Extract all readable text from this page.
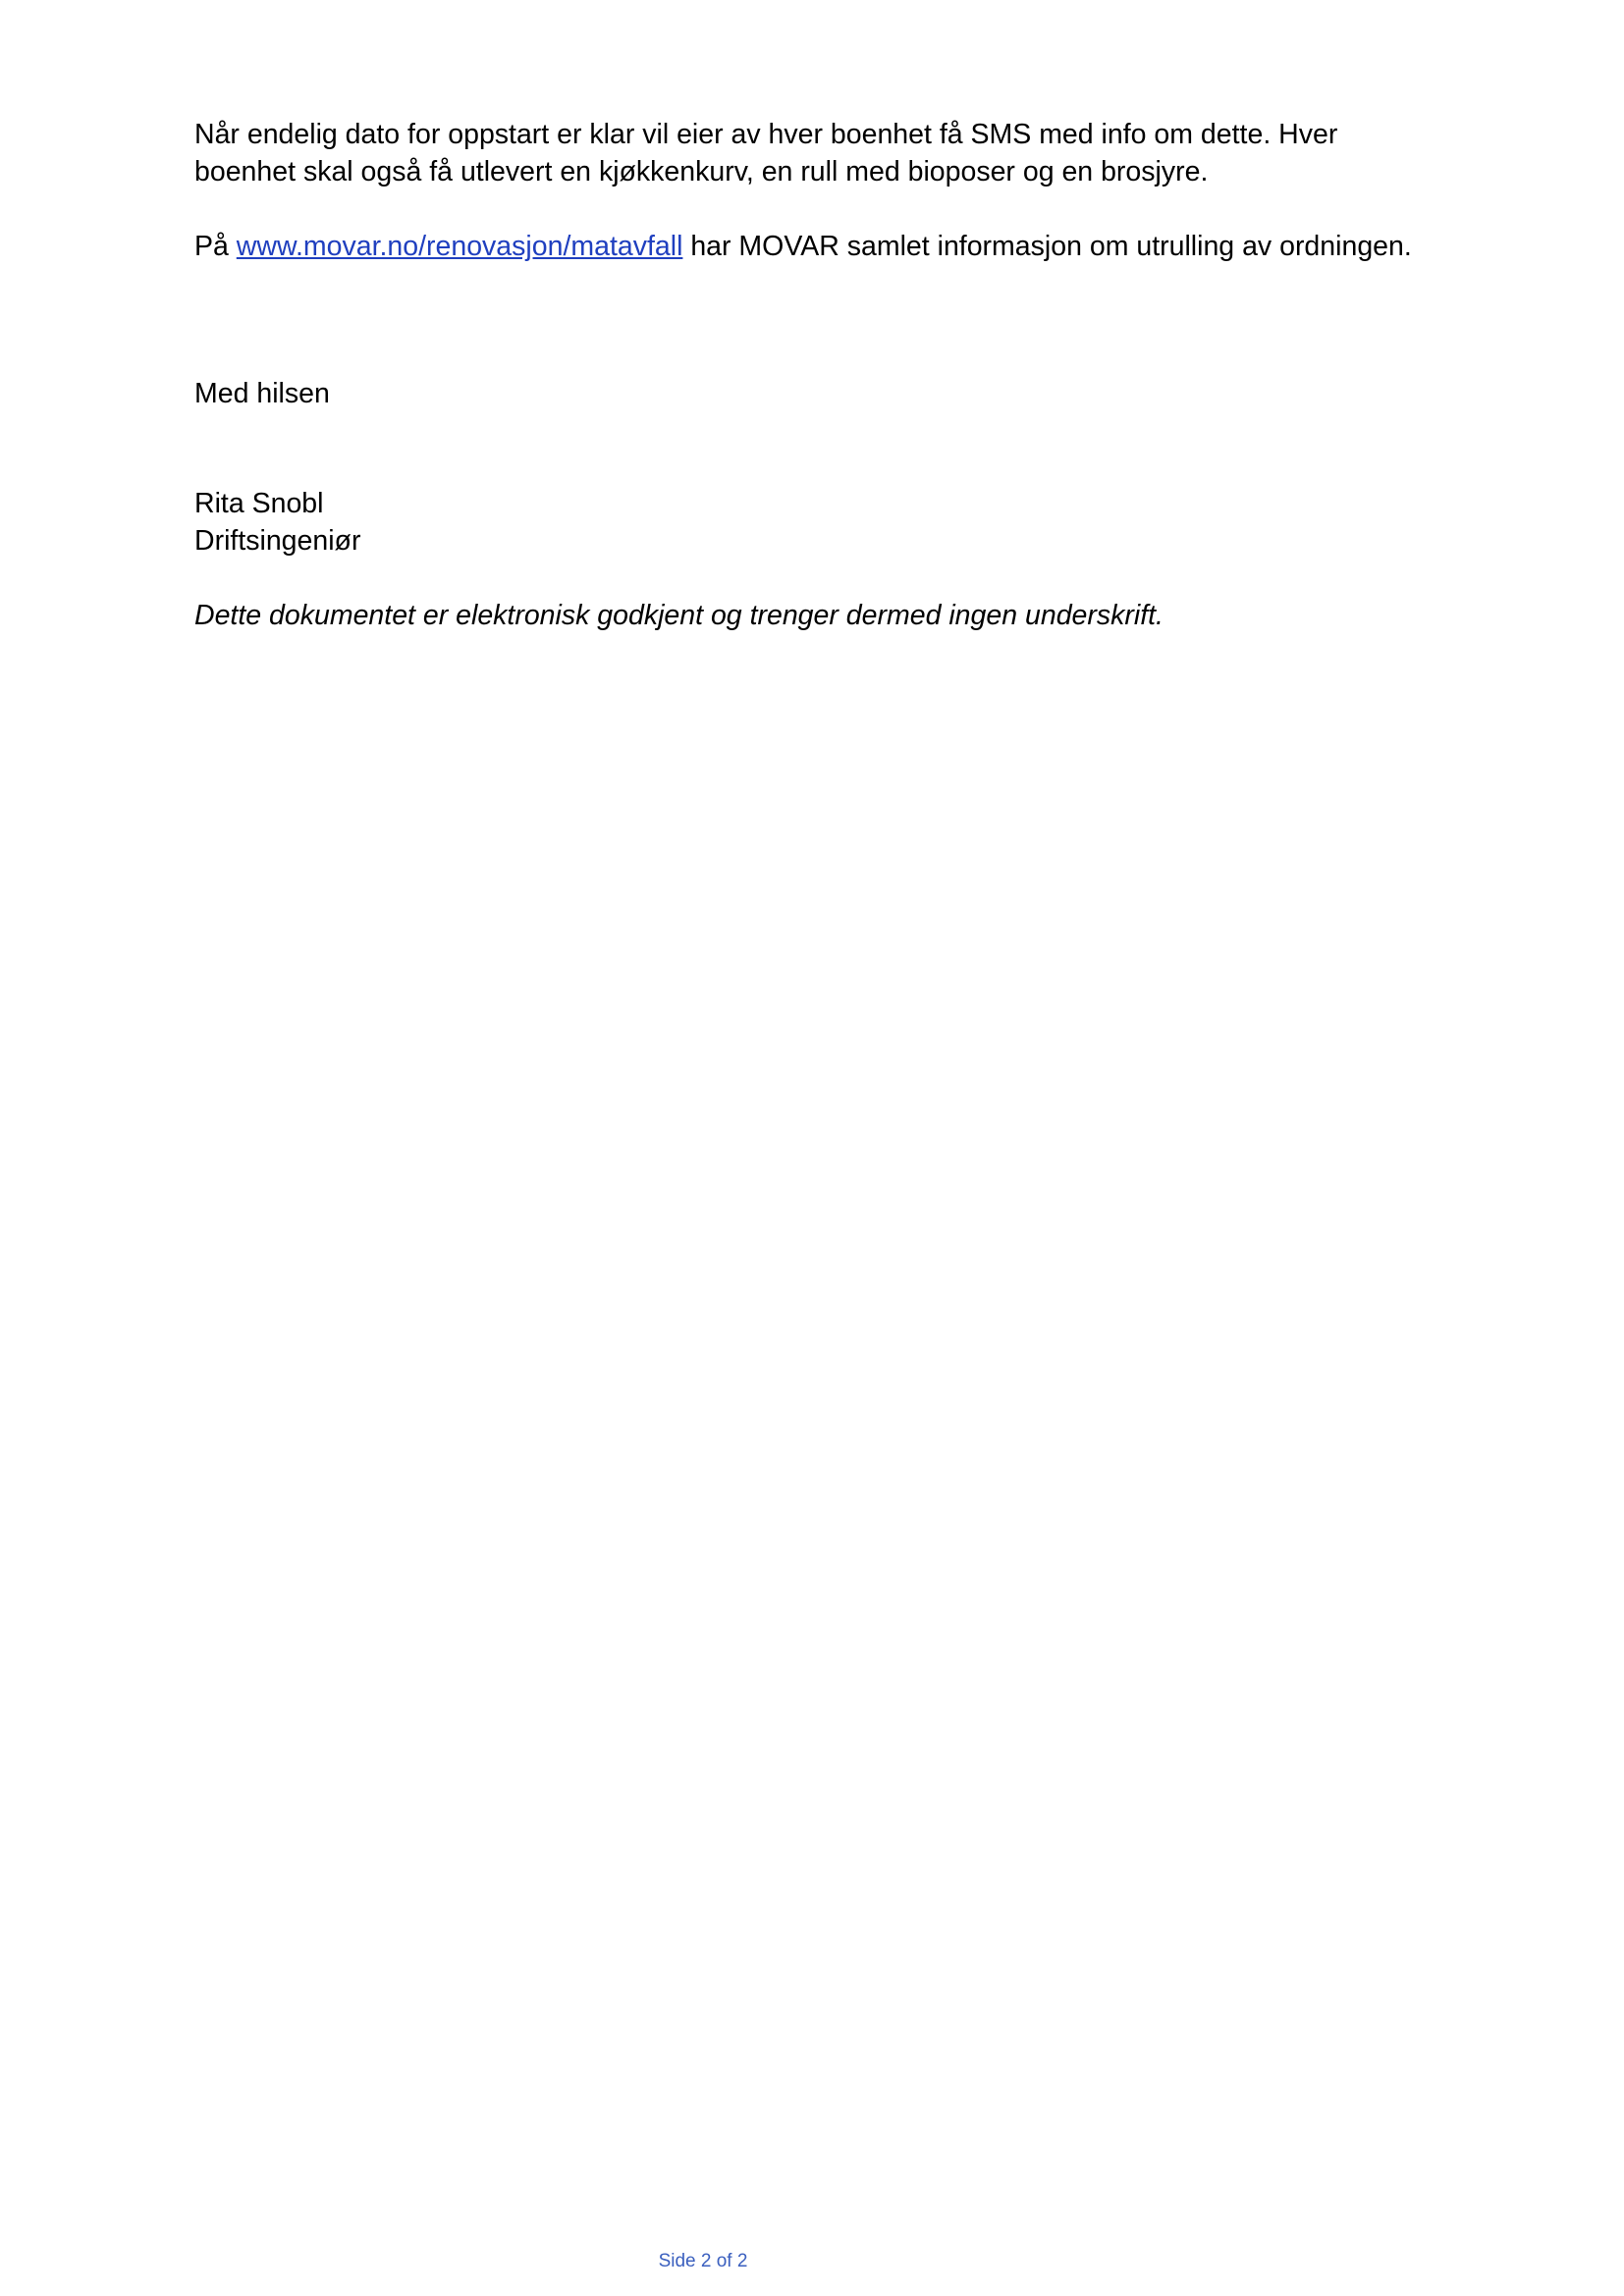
Når endelig dato for oppstart er klar vil eier av hver boenhet få SMS med info om dette. Hver
boenhet skal også få utlevert en kjøkkenkurv, en rull med bioposer og en brosjyre.

På www.movar.no/renovasjon/matavfall har MOVAR samlet informasjon om utrulling av ordningen.

Med hilsen

Rita Snobl
Driftsingeniør

Dette dokumentet er elektronisk godkjent og trenger dermed ingen underskrift.

Side 2 of 2
